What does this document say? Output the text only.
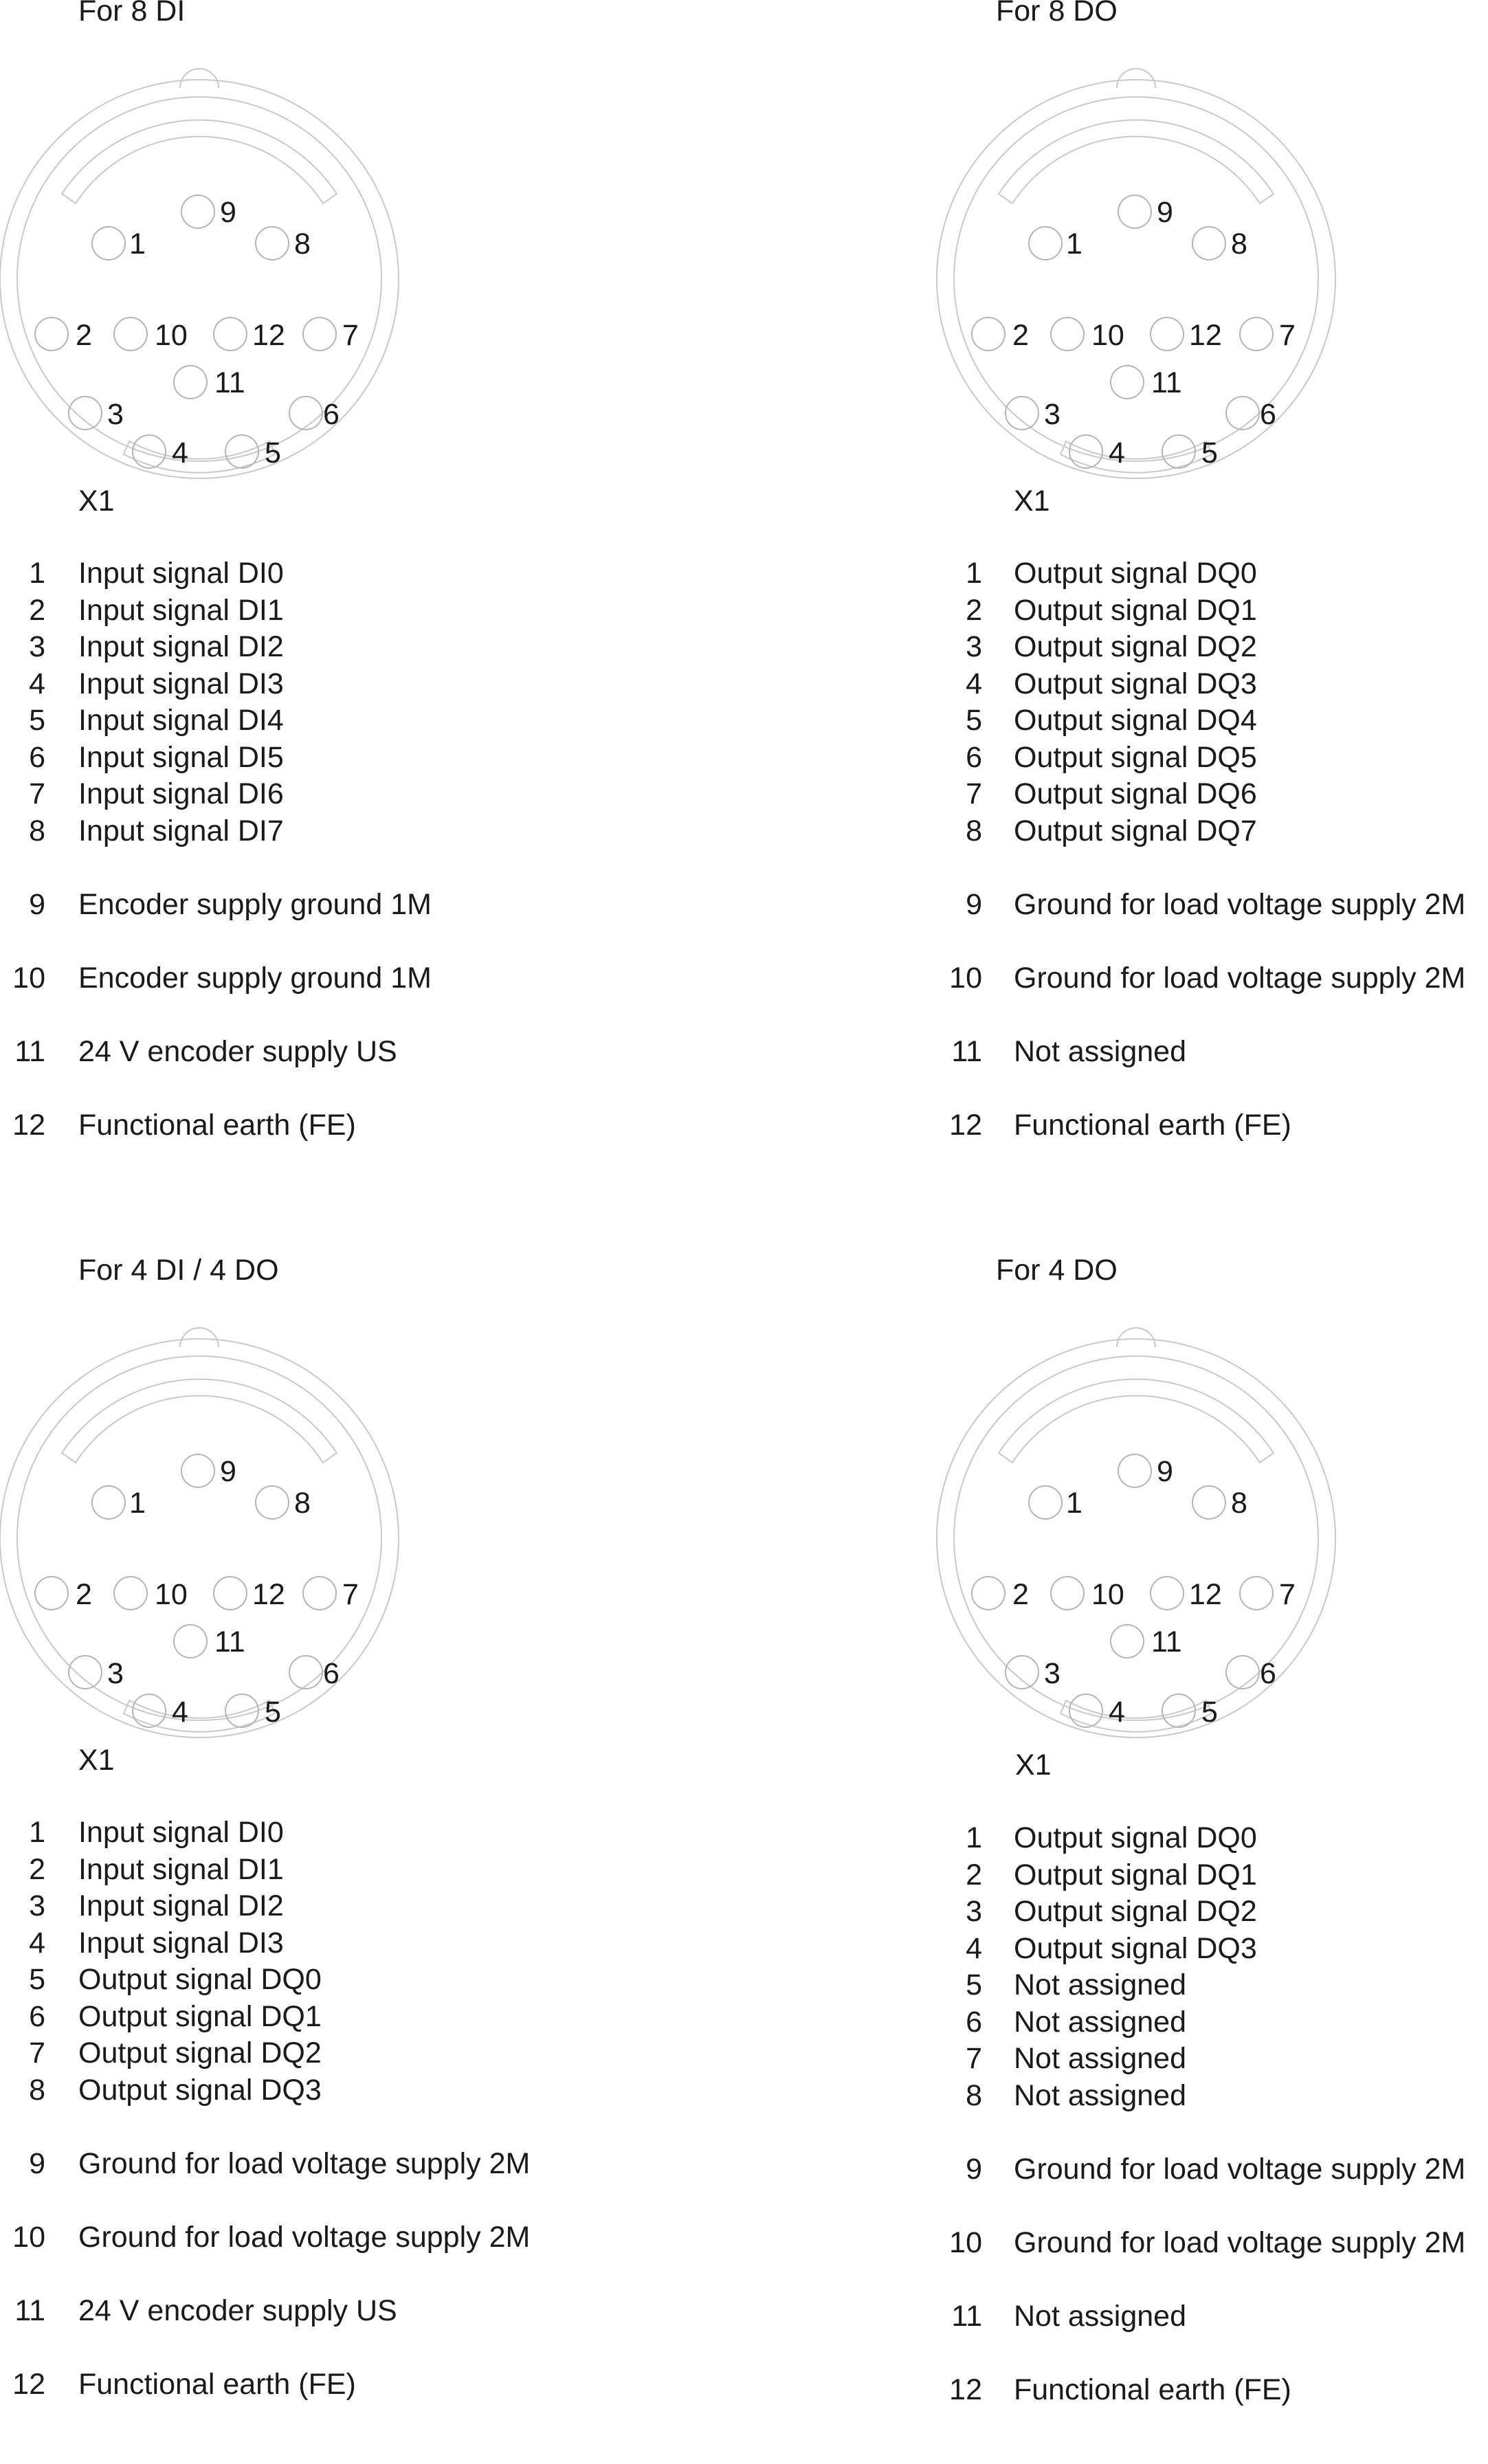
For 8 DI
1
2
3
4	5
6
7
8
9
10
11
12
X1
1 Input signal DI0
2 Input signal DI1
3 Input signal DI2
4 Input signal DI3
5 Input signal DI4
6 Input signal DI5
7 Input signal DI6
8 Input signal DI7
9 Encoder supply ground 1M
10 Encoder supply ground 1M
11 24 V encoder supply US
12 Functional earth (FE)
For 8 DO
1
2
3
4	5
6
7
8
9
10
11
12
X1
1 Output signal DQ0
2 Output signal DQ1
3 Output signal DQ2
4 Output signal DQ3
5 Output signal DQ4
6 Output signal DQ5
7 Output signal DQ6
8 Output signal DQ7
9 Ground for load voltage supply 2M
10 Ground for load voltage supply 2M
11 Not assigned
12 Functional earth (FE)
For 4 DI / 4 DO
1
2
3
4	5
6
7
8
9
10
11
12
X1
1 Input signal DI0
2 Input signal DI1
3 Input signal DI2
4 Input signal DI3
5 Output signal DQ0
6 Output signal DQ1
7 Output signal DQ2
8 Output signal DQ3
9 Ground for load voltage supply 2M
10 Ground for load voltage supply 2M
11 24 V encoder supply US
12 Functional earth (FE)
For 4 DO
1
2
3
4	5
6
7
8
9
10
11
12
X1
1 Output signal DQ0
2 Output signal DQ1
3 Output signal DQ2
4 Output signal DQ3
5 Not assigned
6 Not assigned
7 Not assigned
8 Not assigned
9 Ground for load voltage supply 2M
10 Ground for load voltage supply 2M
11 Not assigned
12 Functional earth (FE)
